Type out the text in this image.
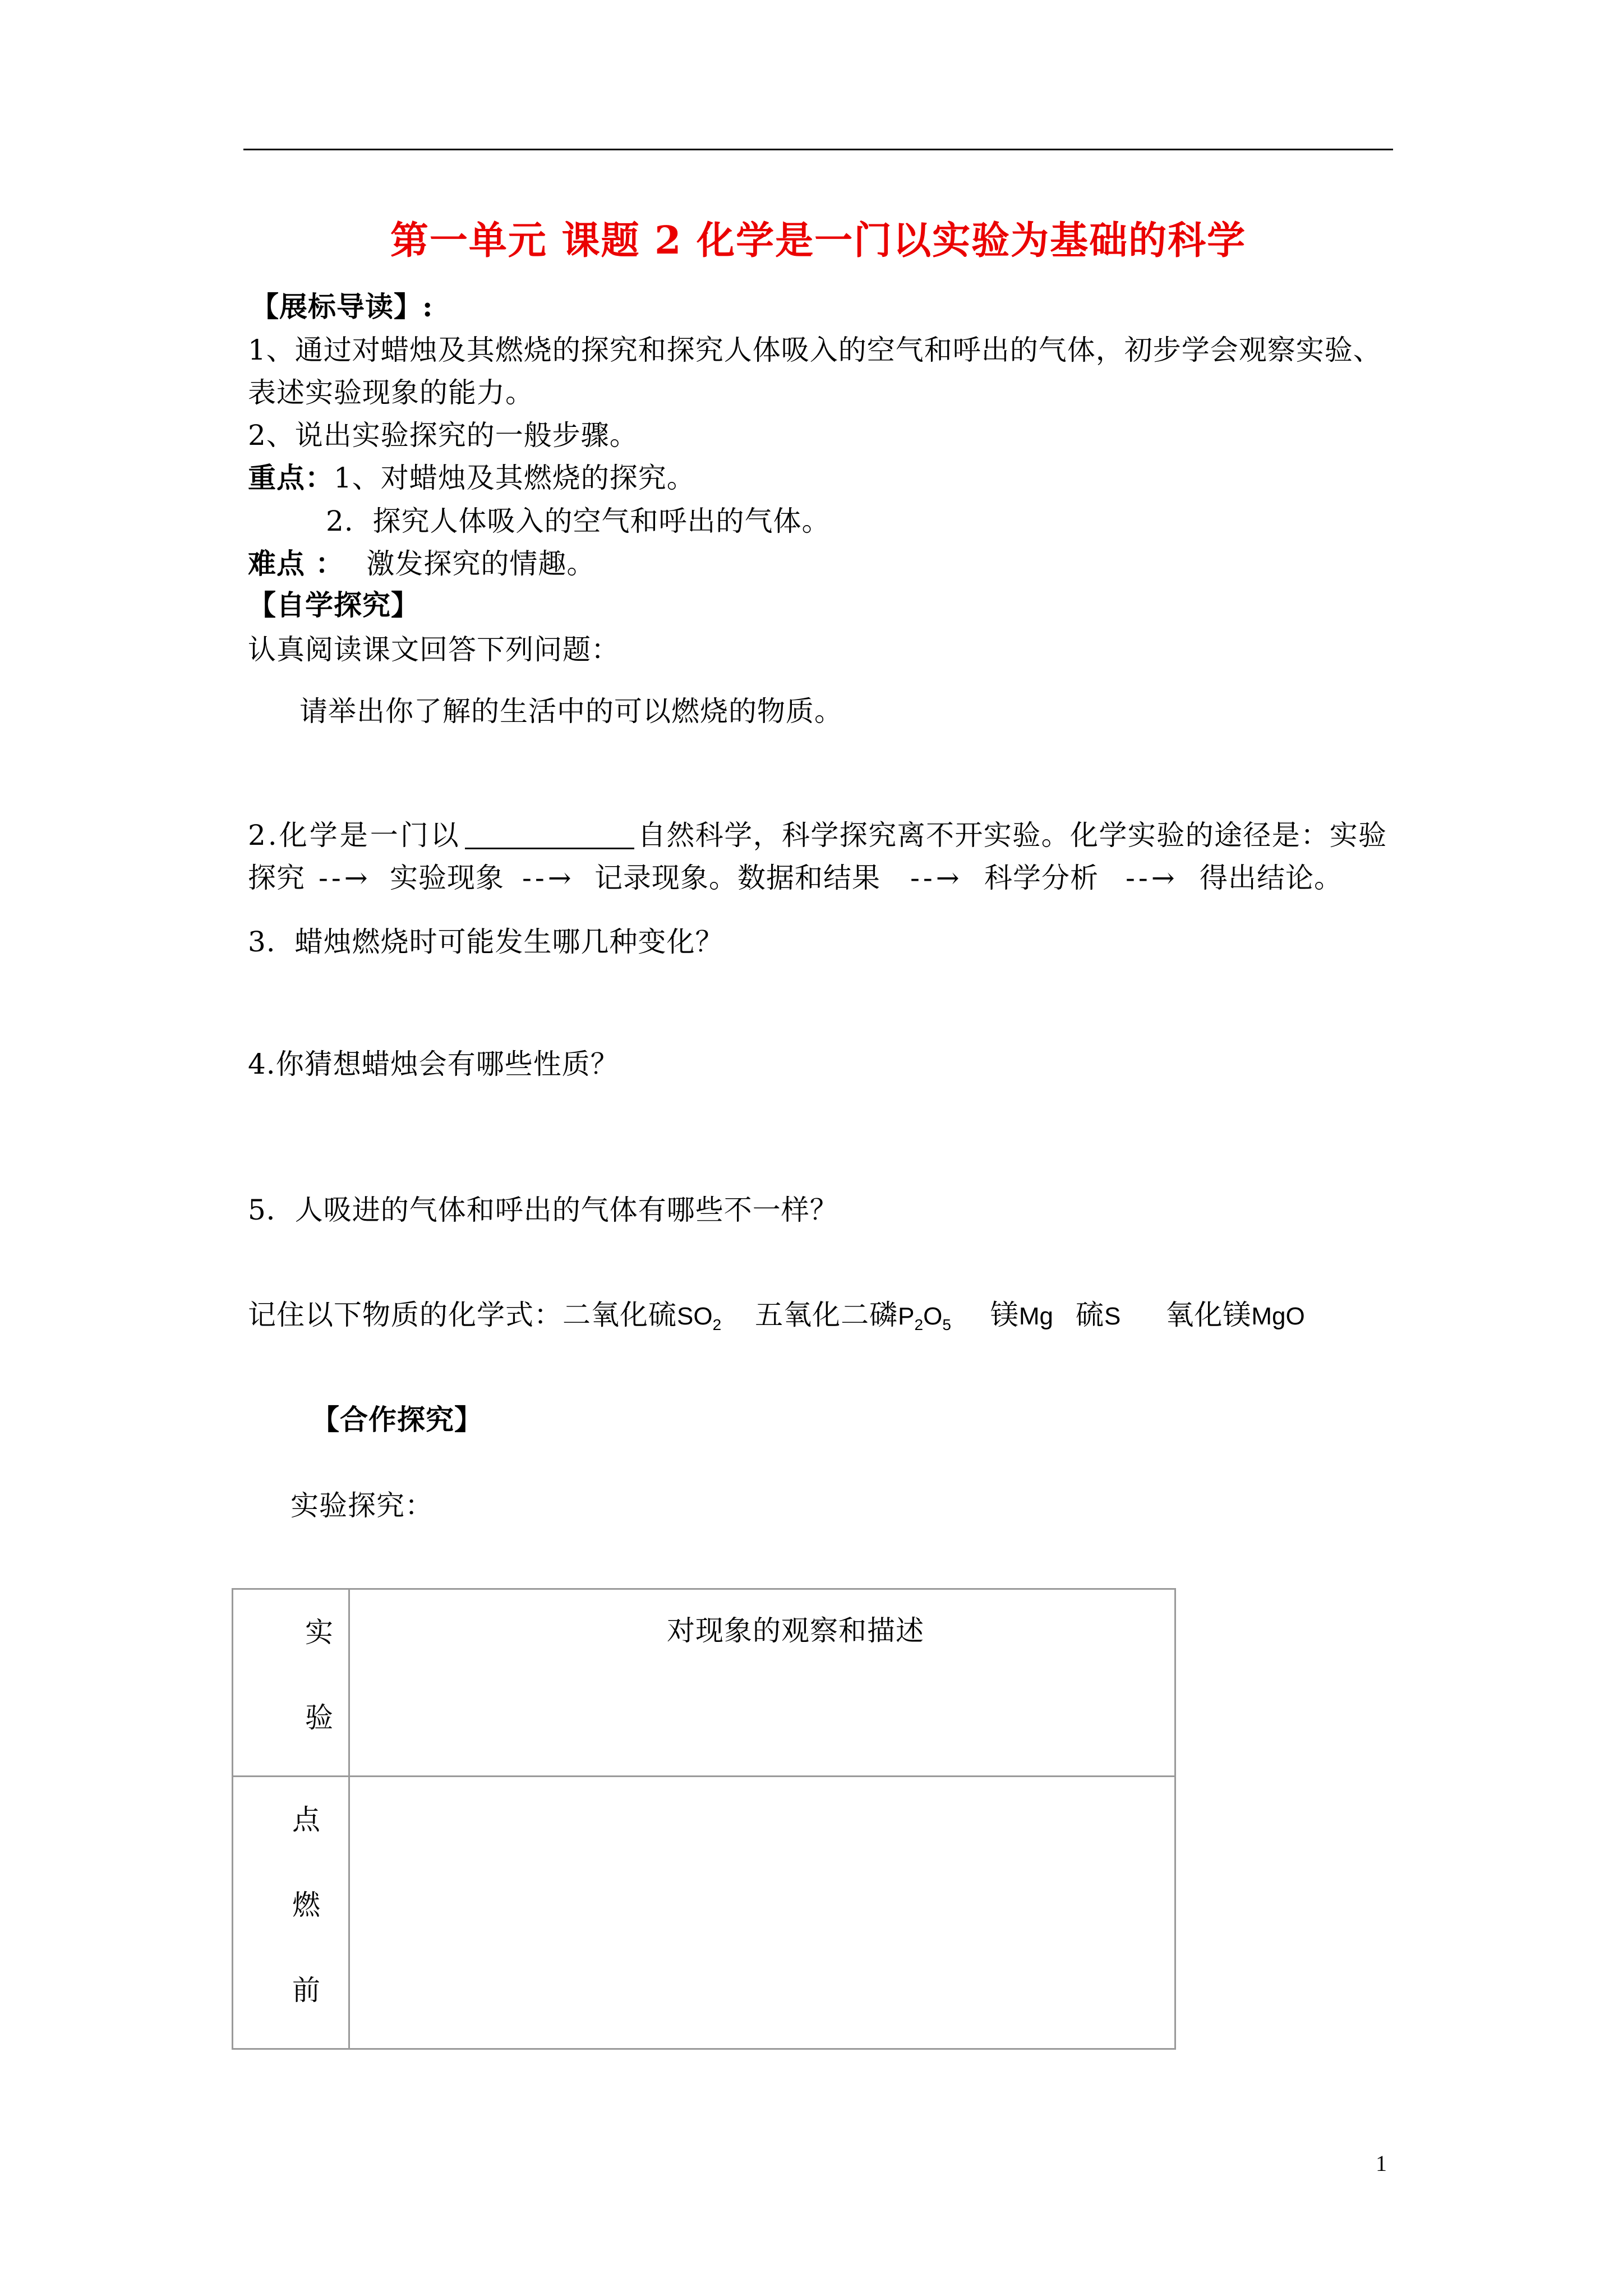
第一单元 课题 2 化学是一门以实验为基础的科学
【展标导读】:
1、通过对蜡烛及其燃烧的探究和探究人体吸入的空气和呼出的气体，初步学会观察实验、
表述实验现象的能力。
2、说出实验探究的一般步骤。
重点： 1、对蜡烛及其燃烧的探究。
2.  探究人体吸入的空气和呼出的气体。
难点 ： 激发探究的情趣。
【自学探究】
认真阅读课文回答下列问题：
请举出你了解的生活中的可以燃烧的物质。
2.化学是一门以	自然科学，科学探究离不开实验。化学实验的途径是：实验
探究 --→ 实验现象 --→ 记录现象。数据和结果 --→ 科学分析 --→ 得出结论。
3.  蜡烛燃烧时可能发生哪几种变化？
4.你猜想蜡烛会有哪些性质？
5．人吸进的气体和呼出的气体有哪些不一样？
记住以下物质的化学式： 二氧化硫$SO_2$ 五氧化二磷$P_2O_5$ 镁Mg 硫S 氧化镁MgO
【合作探究】
实验探究：
实验
对现象的观察和描述
点燃前
1
